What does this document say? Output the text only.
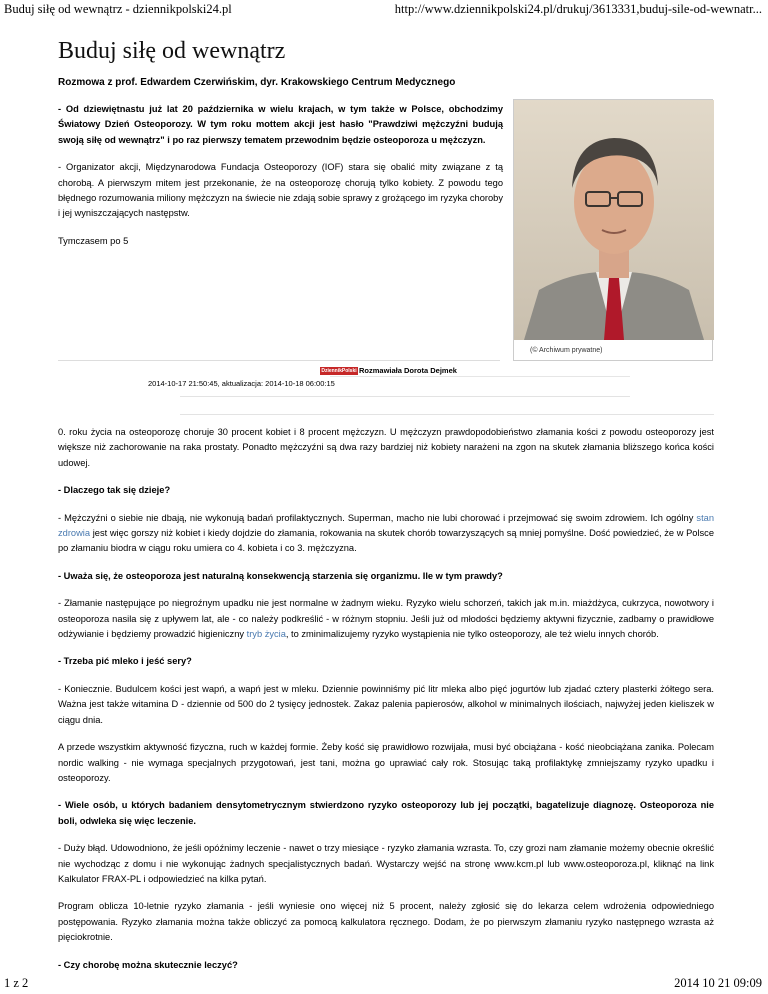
Buduj siłę od wewnątrz - dziennikpolski24.pl	http://www.dziennikpolski24.pl/drukuj/3613331,buduj-sile-od-wewnatr...
Buduj siłę od wewnątrz
Rozmowa z prof. Edwardem Czerwińskim, dyr. Krakowskiego Centrum Medycznego

- Od dziewiętnastu już lat 20 października w wielu krajach, w tym także w Polsce, obchodzimy Światowy Dzień Osteoporozy. W tym roku mottem akcji jest hasło "Prawdziwi mężczyźni budują swoją siłę od wewnątrz" i po raz pierwszy tematem przewodnim będzie osteoporoza u mężczyzn.

- Organizator akcji, Międzynarodowa Fundacja Osteoporozy (IOF) stara się obalić mity związane z tą chorobą. A pierwszym mitem jest przekonanie, że na osteoporozę chorują tylko kobiety. Z powodu tego błędnego rozumowania miliony mężczyzn na świecie nie zdają sobie sprawy z grożącego im ryzyka choroby i jej wyniszczających następstw.

Tymczasem po 5

(© Archiwum prywatne)
DziennikPolski Rozmawiała Dorota Dejmek
2014-10-17 21:50:45, aktualizacja: 2014-10-18 06:00:15

0. roku życia na osteoporozę choruje 30 procent kobiet i 8 procent mężczyzn. U mężczyzn prawdopodobieństwo złamania kości z powodu osteoporozy jest większe niż zachorowanie na raka prostaty. Ponadto mężczyźni są dwa razy bardziej niż kobiety narażeni na zgon na skutek złamania bliższego końca kości udowej.

- Dlaczego tak się dzieje?

- Mężczyźni o siebie nie dbają, nie wykonują badań profilaktycznych. Superman, macho nie lubi chorować i przejmować się swoim zdrowiem. Ich ogólny stan zdrowia jest więc gorszy niż kobiet i kiedy dojdzie do złamania, rokowania na skutek chorób towarzyszących są mniej pomyślne. Dość powiedzieć, że w Polsce po złamaniu biodra w ciągu roku umiera co 4. kobieta i co 3. mężczyzna.

- Uważa się, że osteoporoza jest naturalną konsekwencją starzenia się organizmu. Ile w tym prawdy?

- Złamanie następujące po niegroźnym upadku nie jest normalne w żadnym wieku. Ryzyko wielu schorzeń, takich jak m.in. miażdżyca, cukrzyca, nowotwory i osteoporoza nasila się z upływem lat, ale - co należy podkreślić - w różnym stopniu. Jeśli już od młodości będziemy aktywni fizycznie, zadbamy o prawidłowe odżywianie i będziemy prowadzić higieniczny tryb życia, to zminimalizujemy ryzyko wystąpienia nie tylko osteoporozy, ale też wielu innych chorób.

- Trzeba pić mleko i jeść sery?

- Koniecznie. Budulcem kości jest wapń, a wapń jest w mleku. Dziennie powinniśmy pić litr mleka albo pięć jogurtów lub zjadać cztery plasterki żółtego sera. Ważna jest także witamina D - dziennie od 500 do 2 tysięcy jednostek. Zakaz palenia papierosów, alkohol w minimalnych ilościach, najwyżej jeden kieliszek w ciągu dnia.

A przede wszystkim aktywność fizyczna, ruch w każdej formie. Żeby kość się prawidłowo rozwijała, musi być obciążana - kość nieobciążana zanika. Polecam nordic walking - nie wymaga specjalnych przygotowań, jest tani, można go uprawiać cały rok. Stosując taką profilaktykę zmniejszamy ryzyko upadku i osteoporozy.

- Wiele osób, u których badaniem densytometrycznym stwierdzono ryzyko osteoporozy lub jej początki, bagatelizuje diagnozę. Osteoporoza nie boli, odwleka się więc leczenie.

- Duży błąd. Udowodniono, że jeśli opóźnimy leczenie - nawet o trzy miesiące - ryzyko złamania wzrasta. To, czy grozi nam złamanie możemy obecnie określić nie wychodząc z domu i nie wykonując żadnych specjalistycznych badań. Wystarczy wejść na stronę www.kcm.pl lub www.osteoporoza.pl, kliknąć na link Kalkulator FRAX-PL i odpowiedzieć na kilka pytań.

Program oblicza 10-letnie ryzyko złamania - jeśli wyniesie ono więcej niż 5 procent, należy zgłosić się do lekarza celem wdrożenia odpowiedniego postępowania. Ryzyko złamania można także obliczyć za pomocą kalkulatora ręcznego. Dodam, że po pierwszym złamaniu ryzyko następnego wzrasta aż pięciokrotnie.

- Czy chorobę można skutecznie leczyć?

1 z 2	2014 10 21 09:09
